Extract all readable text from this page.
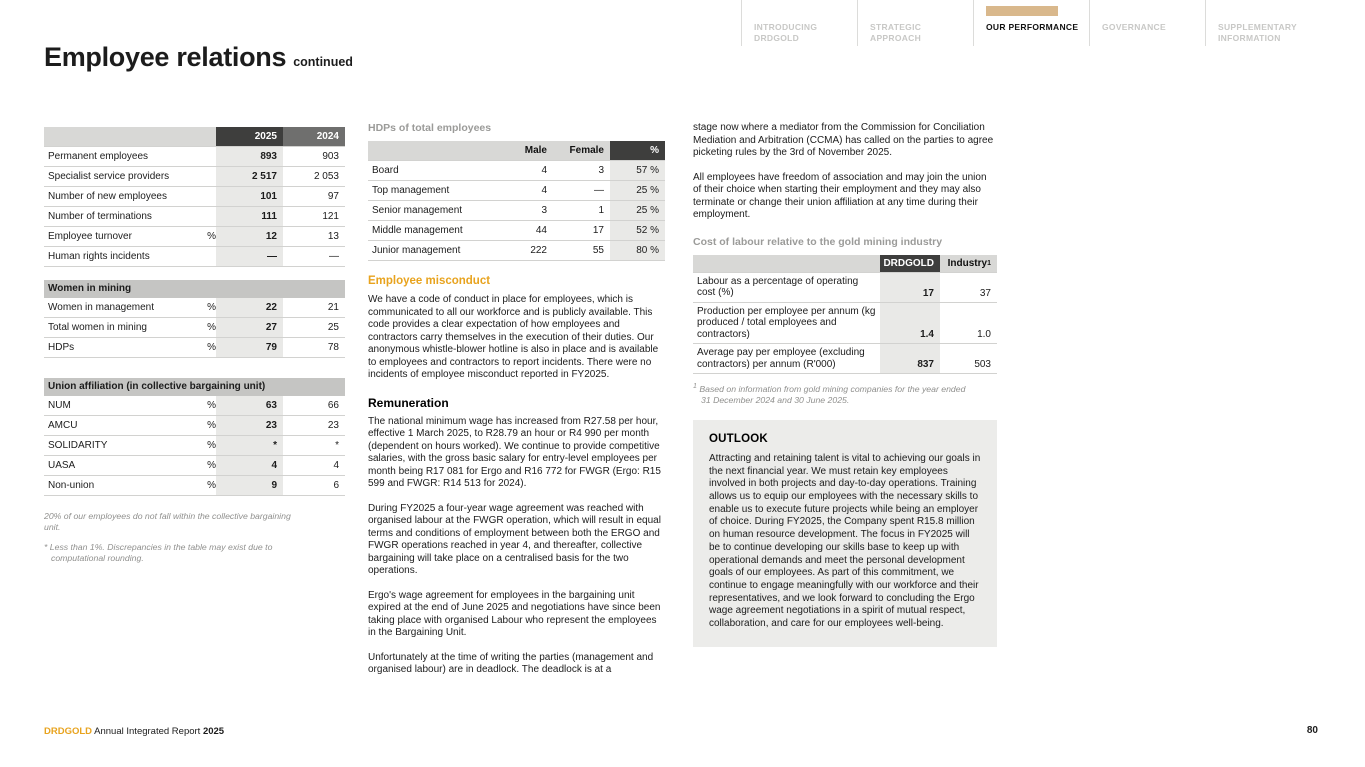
INTRODUCING DRDGOLD
STRATEGIC APPROACH
OUR PERFORMANCE	GOVERNANCE	SUPPLEMENTARY INFORMATION
Employee relations continued
2025	2024
Permanent employees	893	903
Specialist service providers	2 517	2 053
Number of new employees	101	97
Number of terminations	111	121
Employee turnover	%	12	13
Human rights incidents	—	—
Women in mining
Women in management	%	22	21
Total women in mining	%	27	25
HDPs	%	79	78
Union affiliation (in collective bargaining unit)
NUM	%	63	66
AMCU	%	23	23
SOLIDARITY	%	*	*
UASA	%	4	4
Non-union	%	9	6
20% of our employees do not fall within the collective bargaining unit.
* Less than 1%. Discrepancies in the table may exist due to computational rounding.
HDPs of total employees
Male	Female	%
Board	4	3	57 %
Top management	4	—	25 %
Senior management	3	1	25 %
Middle management	44	17	52 %
Junior management	222	55	80 %
Employee misconduct

We have a code of conduct in place for employees, which is communicated to all our workforce and is publicly available. This code provides a clear expectation of how employees and contractors carry themselves in the execution of their duties. Our anonymous whistle-blower hotline is also in place and is available to employees and contractors to report incidents. There were no incidents of employee misconduct reported in FY2025.

Remuneration

The national minimum wage has increased from R27.58 per hour, effective 1 March 2025, to R28.79 an hour or R4 990 per month (dependent on hours worked). We continue to provide competitive salaries, with the gross basic salary for entry-level employees per month being R17 081 for Ergo and R16 772 for FWGR (Ergo: R15 599 and FWGR: R14 513 for 2024).

During FY2025 a four-year wage agreement was reached with organised labour at the FWGR operation, which will result in equal terms and conditions of employment between both the ERGO and FWGR operations reached in year 4, and thereafter, collective bargaining will take place on a centralised basis for the two operations.

Ergo's wage agreement for employees in the bargaining unit expired at the end of June 2025 and negotiations have since been taking place with organised Labour who represent the employees in the Bargaining Unit.

Unfortunately at the time of writing the parties (management and organised labour) are in deadlock. The deadlock is at a

stage now where a mediator from the Commission for Conciliation Mediation and Arbitration (CCMA) has called on the parties to agree picketing rules by the 3rd of November 2025.

All employees have freedom of association and may join the union of their choice when starting their employment and they may also terminate or change their union affiliation at any time during their employment.

Cost of labour relative to the gold mining industry
DRDGOLD	Industry 1
Labour as a percentage of operating cost (%)	17	37
Production per employee per annum (kg produced / total employees and contractors)	1.4	1.0
Average pay per employee (excluding contractors) per annum (R'000)	837	503
$^1$ Based on information from gold mining companies for the year ended 31 December 2024 and 30 June 2025.
OUTLOOK

Attracting and retaining talent is vital to achieving our goals in the next financial year. We must retain key employees involved in both projects and day-to-day operations. Training allows us to equip our employees with the necessary skills to enable us to execute future projects while being an employer of choice. During FY2025, the Company spent R15.8 million on human resource development. The focus in FY2025 will be to continue developing our skills base to keep up with operational demands and meet the personal development goals of our employees. As part of this commitment, we continue to engage meaningfully with our workforce and their representatives, and we look forward to concluding the Ergo wage agreement negotiations in a spirit of mutual respect, collaboration, and care for our employees well-being.

DRDGOLD Annual Integrated Report 2025	80
